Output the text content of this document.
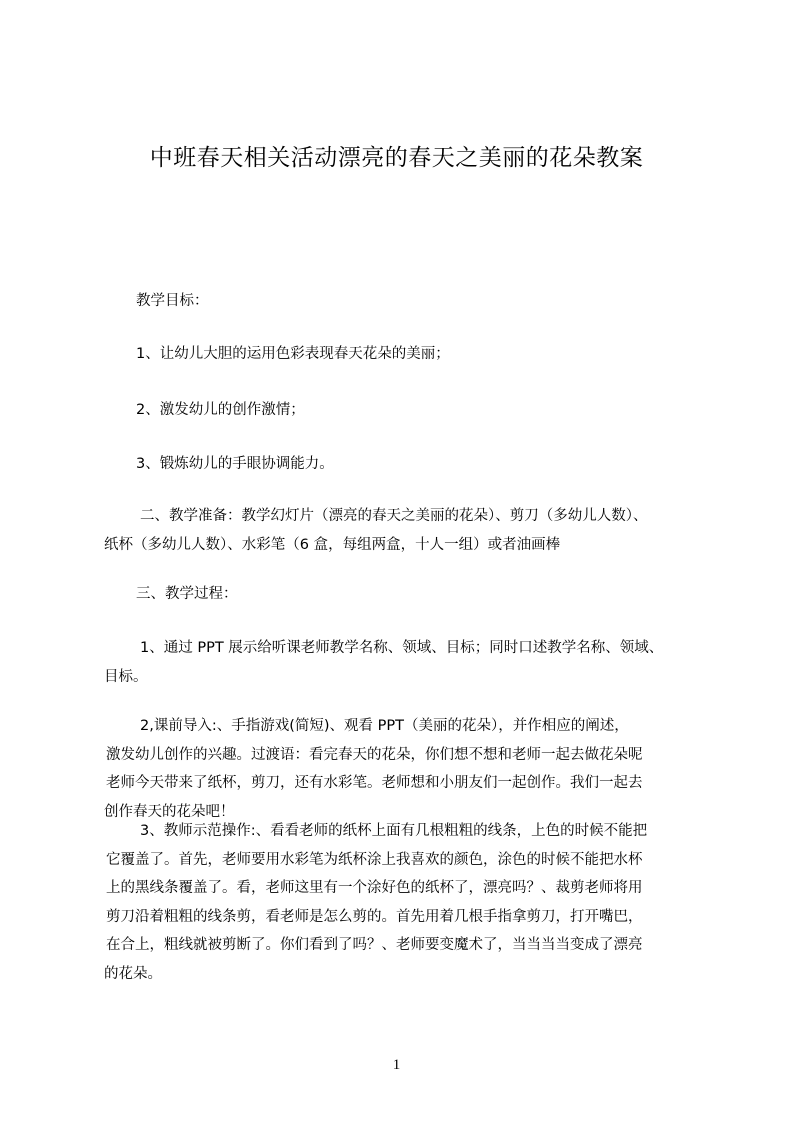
中班春天相关活动漂亮的春天之美丽的花朵教案
教学目标：
1、让幼儿大胆的运用色彩表现春天花朵的美丽；
2、激发幼儿的创作激情；
3、锻炼幼儿的手眼协调能力。
二、教学准备：教学幻灯片（漂亮的春天之美丽的花朵）、剪刀（多幼儿人数）、
纸杯（多幼儿人数）、水彩笔（6 盒，每组两盒，十人一组）或者油画棒
三、教学过程：
1、通过 PPT 展示给听课老师教学名称、领域、目标；同时口述教学名称、领域、
目标。
2,课前导入:、手指游戏(简短)、观看 PPT（美丽的花朵），并作相应的阐述，
激发幼儿创作的兴趣。过渡语：看完春天的花朵，你们想不想和老师一起去做花朵呢
老师今天带来了纸杯，剪刀，还有水彩笔。老师想和小朋友们一起创作。我们一起去
创作春天的花朵吧！
3、教师示范操作:、看看老师的纸杯上面有几根粗粗的线条，上色的时候不能把
它覆盖了。首先，老师要用水彩笔为纸杯涂上我喜欢的颜色，涂色的时候不能把水杯
上的黑线条覆盖了。看，老师这里有一个涂好色的纸杯了，漂亮吗？、裁剪老师将用
剪刀沿着粗粗的线条剪，看老师是怎么剪的。首先用着几根手指拿剪刀，打开嘴巴，
在合上，粗线就被剪断了。你们看到了吗？、老师要变魔术了，当当当当变成了漂亮
的花朵。
1
